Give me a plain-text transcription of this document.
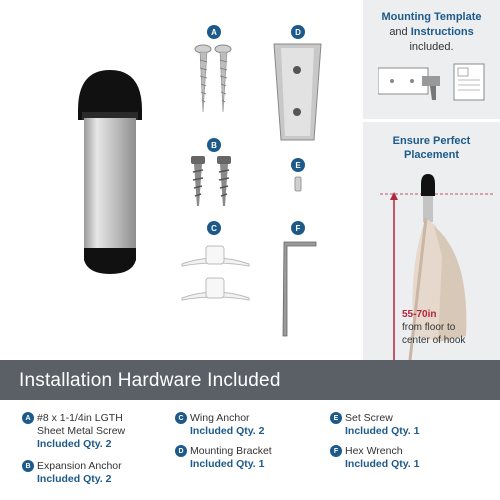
A	D
B
E
C	F
Mounting Template
and Instructions
included.
Ensure Perfect
Placement
55-70in
from floor to
center of hook
Installation Hardware Included
A #8 x 1-1/4in LGTH
Sheet Metal Screw
Included Qty. 2
B Expansion Anchor
Included Qty. 2
C Wing Anchor
Included Qty. 2
D Mounting Bracket
Included Qty. 1
E Set Screw
Included Qty. 1
F Hex Wrench
Included Qty. 1
